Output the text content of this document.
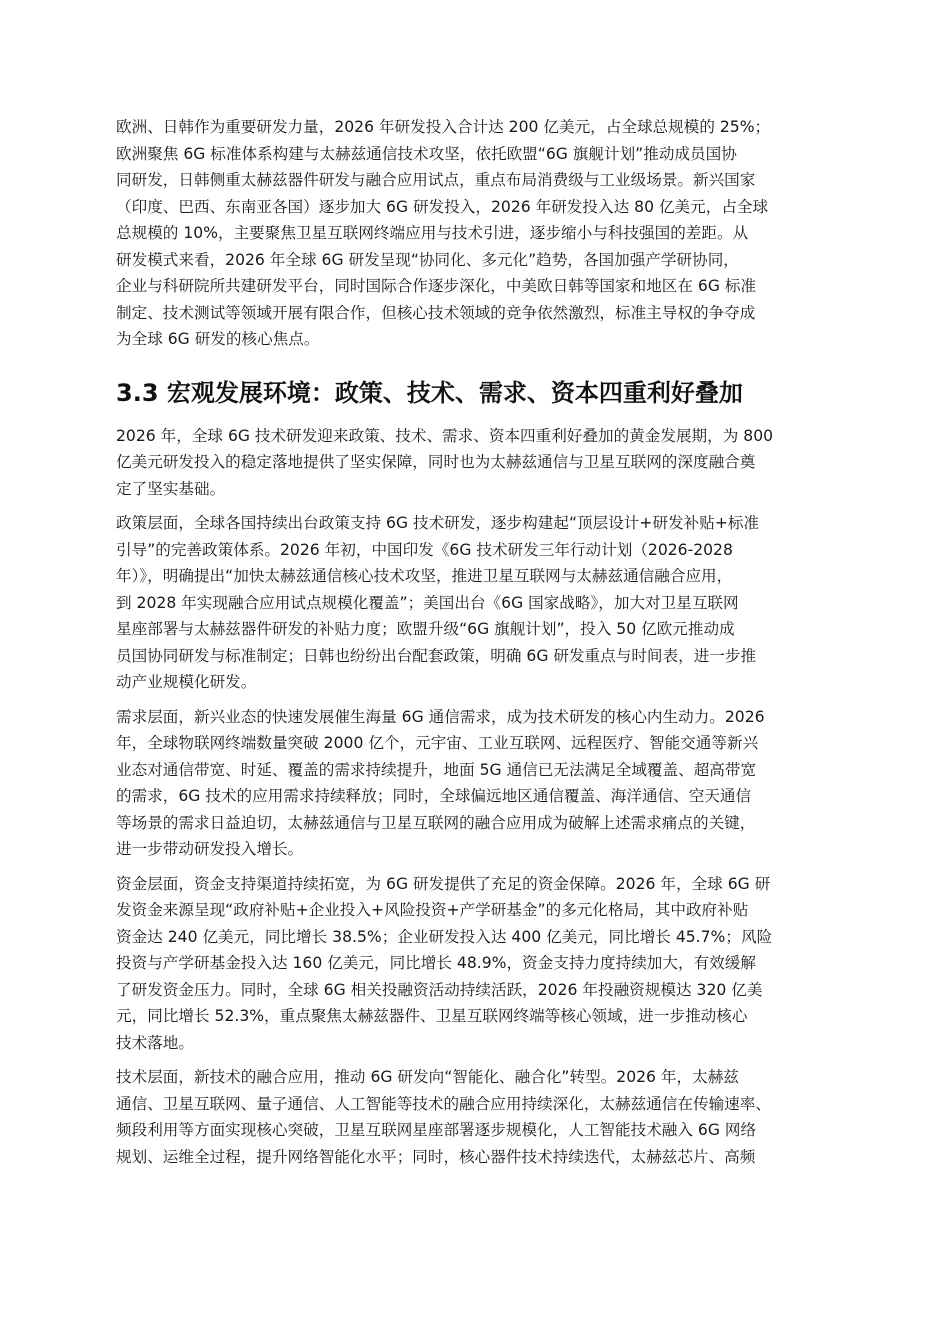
欧洲、日韩作为重要研发力量，2026 年研发投入合计达 200 亿美元，占全球总规模的 25%；
欧洲聚焦 6G 标准体系构建与太赫兹通信技术攻坚，依托欧盟“6G 旗舰计划”推动成员国协
同研发，日韩侧重太赫兹器件研发与融合应用试点，重点布局消费级与工业级场景。新兴国家
（印度、巴西、东南亚各国）逐步加大 6G 研发投入，2026 年研发投入达 80 亿美元，占全球
总规模的 10%，主要聚焦卫星互联网终端应用与技术引进，逐步缩小与科技强国的差距。从
研发模式来看，2026 年全球 6G 研发呈现“协同化、多元化”趋势，各国加强产学研协同，
企业与科研院所共建研发平台，同时国际合作逐步深化，中美欧日韩等国家和地区在 6G 标准
制定、技术测试等领域开展有限合作，但核心技术领域的竞争依然激烈，标准主导权的争夺成
为全球 6G 研发的核心焦点。
3.3 宏观发展环境：政策、技术、需求、资本四重利好叠加
2026 年，全球 6G 技术研发迎来政策、技术、需求、资本四重利好叠加的黄金发展期，为 800
亿美元研发投入的稳定落地提供了坚实保障，同时也为太赫兹通信与卫星互联网的深度融合奠
定了坚实基础。
政策层面，全球各国持续出台政策支持 6G 技术研发，逐步构建起“顶层设计+研发补贴+标准
引导”的完善政策体系。2026 年初，中国印发《6G 技术研发三年行动计划（2026-2028
年）》，明确提出“加快太赫兹通信核心技术攻坚，推进卫星互联网与太赫兹通信融合应用，
到 2028 年实现融合应用试点规模化覆盖”；美国出台《6G 国家战略》，加大对卫星互联网
星座部署与太赫兹器件研发的补贴力度；欧盟升级“6G 旗舰计划”，投入 50 亿欧元推动成
员国协同研发与标准制定；日韩也纷纷出台配套政策，明确 6G 研发重点与时间表，进一步推
动产业规模化研发。
需求层面，新兴业态的快速发展催生海量 6G 通信需求，成为技术研发的核心内生动力。2026
年，全球物联网终端数量突破 2000 亿个，元宇宙、工业互联网、远程医疗、智能交通等新兴
业态对通信带宽、时延、覆盖的需求持续提升，地面 5G 通信已无法满足全域覆盖、超高带宽
的需求，6G 技术的应用需求持续释放；同时，全球偏远地区通信覆盖、海洋通信、空天通信
等场景的需求日益迫切，太赫兹通信与卫星互联网的融合应用成为破解上述需求痛点的关键，
进一步带动研发投入增长。
资金层面，资金支持渠道持续拓宽，为 6G 研发提供了充足的资金保障。2026 年，全球 6G 研
发资金来源呈现“政府补贴+企业投入+风险投资+产学研基金”的多元化格局，其中政府补贴
资金达 240 亿美元，同比增长 38.5%；企业研发投入达 400 亿美元，同比增长 45.7%；风险
投资与产学研基金投入达 160 亿美元，同比增长 48.9%，资金支持力度持续加大，有效缓解
了研发资金压力。同时，全球 6G 相关投融资活动持续活跃，2026 年投融资规模达 320 亿美
元，同比增长 52.3%，重点聚焦太赫兹器件、卫星互联网终端等核心领域，进一步推动核心
技术落地。
技术层面，新技术的融合应用，推动 6G 研发向“智能化、融合化”转型。2026 年，太赫兹
通信、卫星互联网、量子通信、人工智能等技术的融合应用持续深化，太赫兹通信在传输速率、
频段利用等方面实现核心突破，卫星互联网星座部署逐步规模化，人工智能技术融入 6G 网络
规划、运维全过程，提升网络智能化水平；同时，核心器件技术持续迭代，太赫兹芯片、高频
